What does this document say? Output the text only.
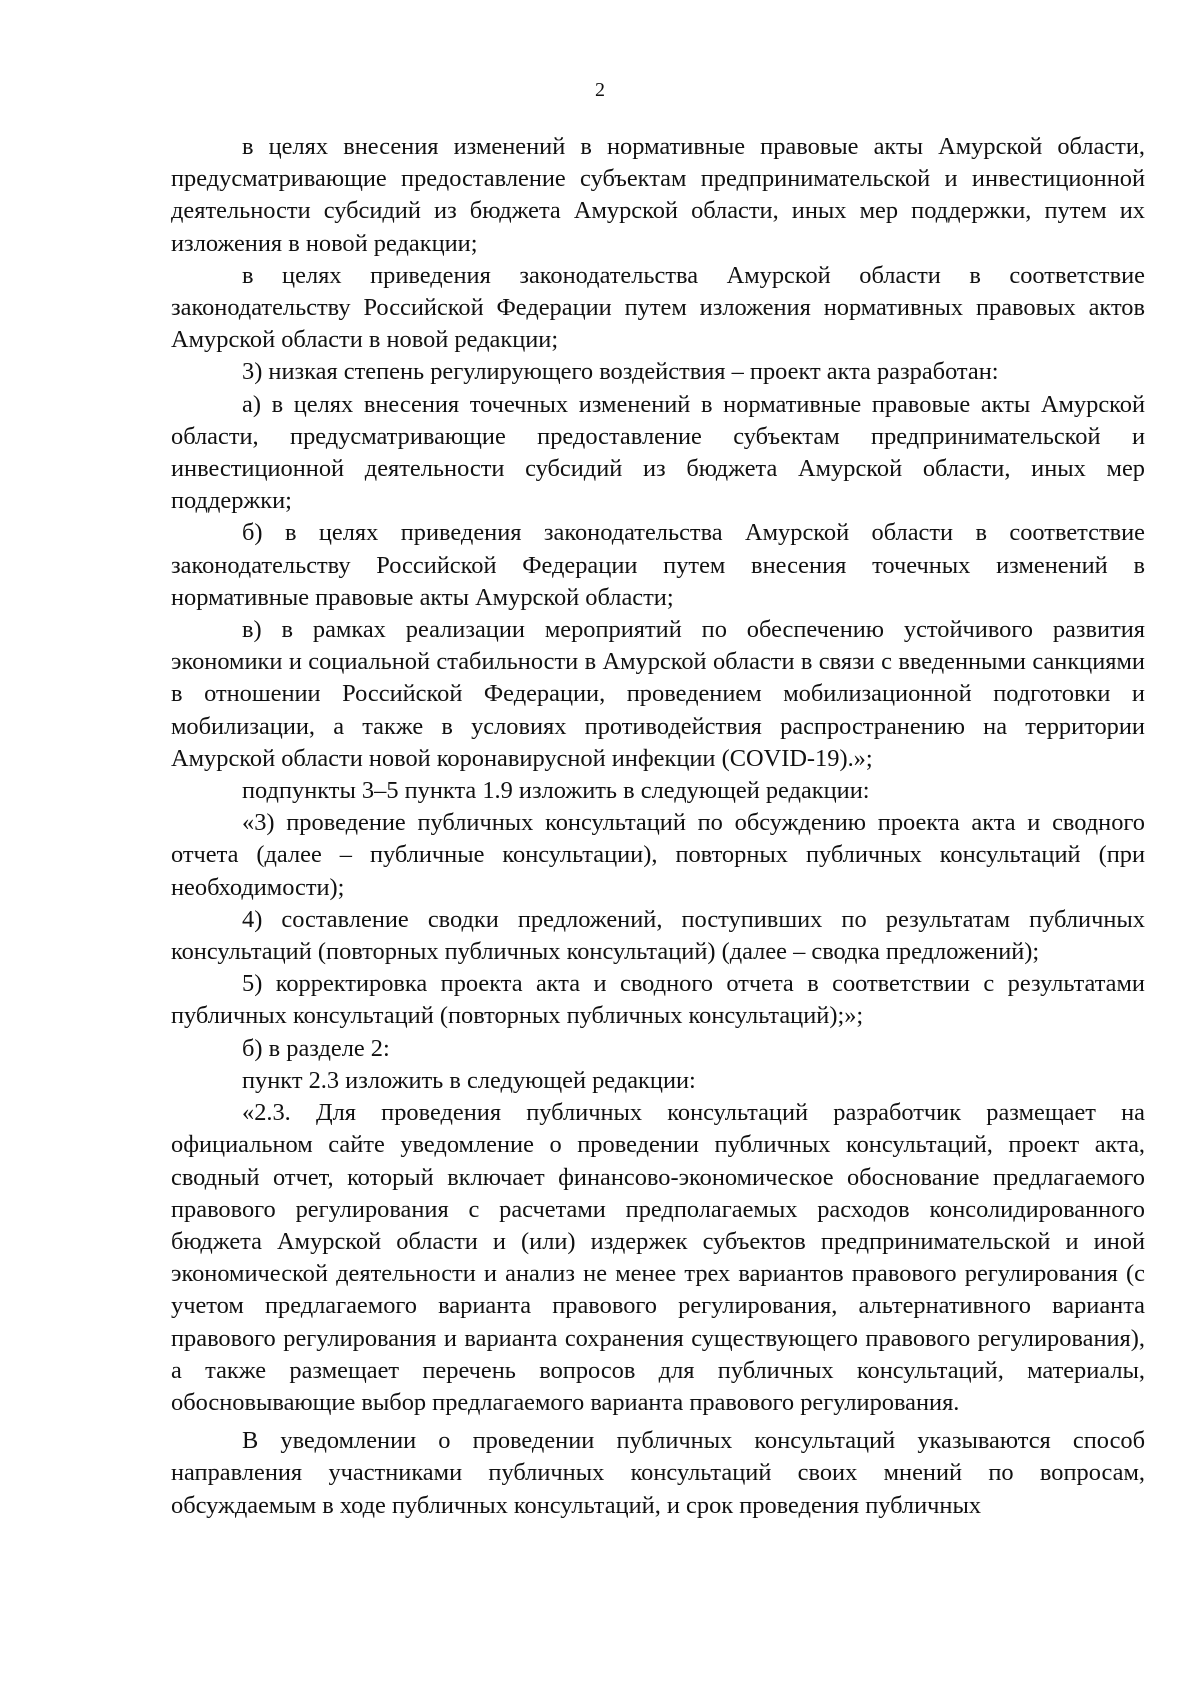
2

в целях внесения изменений в нормативные правовые акты Амурской области, предусматривающие предоставление субъектам предпринимательской и инвестиционной деятельности субсидий из бюджета Амурской области, иных мер поддержки, путем их изложения в новой редакции;

в целях приведения законодательства Амурской области в соответствие законодательству Российской Федерации путем изложения нормативных правовых актов Амурской области в новой редакции;

3) низкая степень регулирующего воздействия – проект акта разработан:

а) в целях внесения точечных изменений в нормативные правовые акты Амурской области, предусматривающие предоставление субъектам предпринимательской и инвестиционной деятельности субсидий из бюджета Амурской области, иных мер поддержки;

б) в целях приведения законодательства Амурской области в соответствие законодательству Российской Федерации путем внесения точечных изменений в нормативные правовые акты Амурской области;

в) в рамках реализации мероприятий по обеспечению устойчивого развития экономики и социальной стабильности в Амурской области в связи с введенными санкциями в отношении Российской Федерации, проведением мобилизационной подготовки и мобилизации, а также в условиях противодействия распространению на территории Амурской области новой коронавирусной инфекции (COVID-19).»;

подпункты 3–5 пункта 1.9 изложить в следующей редакции:

«3) проведение публичных консультаций по обсуждению проекта акта и сводного отчета (далее – публичные консультации), повторных публичных консультаций (при необходимости);

4) составление сводки предложений, поступивших по результатам публичных консультаций (повторных публичных консультаций) (далее – сводка предложений);

5) корректировка проекта акта и сводного отчета в соответствии с результатами публичных консультаций (повторных публичных консультаций);»;

б) в разделе 2:

пункт 2.3 изложить в следующей редакции:

«2.3. Для проведения публичных консультаций разработчик размещает на официальном сайте уведомление о проведении публичных консультаций, проект акта, сводный отчет, который включает финансово-экономическое обоснование предлагаемого правового регулирования с расчетами предполагаемых расходов консолидированного бюджета Амурской области и (или) издержек субъектов предпринимательской и иной экономической деятельности и анализ не менее трех вариантов правового регулирования (с учетом предлагаемого варианта правового регулирования, альтернативного варианта правового регулирования и варианта сохранения существующего правового регулирования), а также размещает перечень вопросов для публичных консультаций, материалы, обосновывающие выбор предлагаемого варианта правового регулирования.

В уведомлении о проведении публичных консультаций указываются способ направления участниками публичных консультаций своих мнений по вопросам, обсуждаемым в ходе публичных консультаций, и срок проведения публичных
